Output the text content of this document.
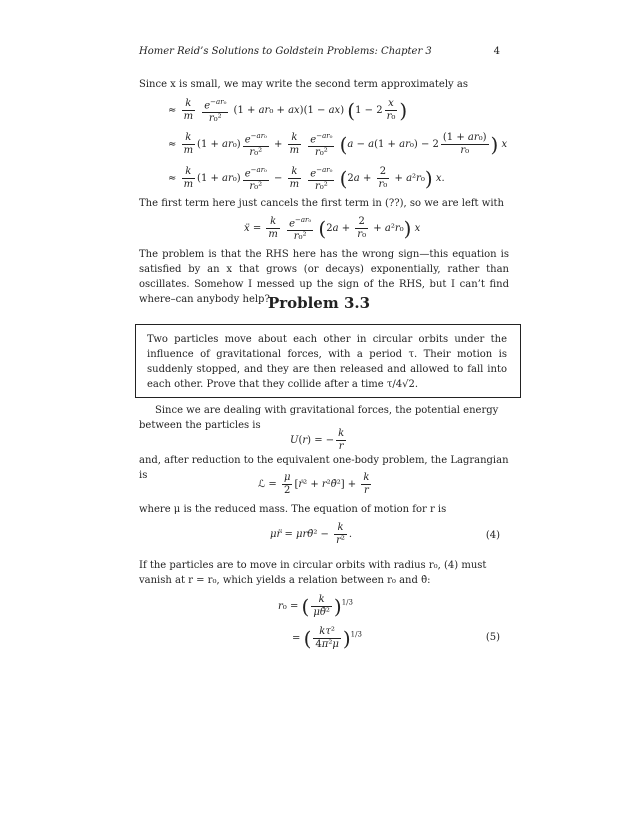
Homer Reid’s Solutions to Goldstein Problems: Chapter 3	4
Since x is small, we may write the second term approximately as
≈ $\frac{k}{m}$
$\frac{e^{-ar_0}}{\text{r₀²}} (1 + ar_0 + ax)(1 - ax) (1 - 2 \frac{x}{\text{r₀}}$ )
≈ $\frac{k}{m} (1 + ar_0) \frac{e^{-ar_0}}{\text{r₀²}} + \frac{k}{m}$
$\frac{e^{-ar_0}}{\text{r₀²}} (a - a(1 + ar_0) - 2 \frac{\text{(1 + ar₀)}}{\text{r₀}}$ ) x
≈ $\frac{k}{m} (1 + ar_0) \frac{e^{-ar_0}}{\text{r₀²}} - \frac{k}{m}$
$\frac{e^{-ar_0}}{\text{r₀²}} (2a + \frac{2}{\text{r₀}} + a^2r_0)$ x.
The first term here just cancels the first term in (??), so we are left with
ẍ = $\frac{k}{m}$
$\frac{e^{-ar_0}}{\text{r₀²}} (2a + \frac{2}{\text{r₀}} + a^2r_0)$ x
The problem is that the RHS here has the wrong sign—this equation is satisfied by an x that grows (or decays) exponentially, rather than oscillates. Somehow I messed up the sign of the RHS, but I can’t find where–can anybody help?
Problem 3.3
Two particles move about each other in circular orbits under the influence of gravitational forces, with a period τ. Their motion is suddenly stopped, and they are then released and allowed to fall into each other. Prove that they collide after a time τ/4√2.
Since we are dealing with gravitational forces, the potential energy between the particles is
U(r) = − $\frac{k}{r}$
and, after reduction to the equivalent one-body problem, the Lagrangian is
ℒ = $\frac{\mu}{2}$ [ṙ² + r²θ̇²] + $\frac{k}{r}$
where μ is the reduced mass. The equation of motion for r is
μr̈ = μrθ̇² − $\frac{k}{\text{r²}}$ .	(4)
If the particles are to move in circular orbits with radius r₀, (4) must vanish at r = r₀, which yields a relation between r₀ and θ̇:
r₀ = ( $\frac{k}{\text{μθ̇²}} )^{1/3}$
= ( $\frac{\text{kτ²}}{\text{4π²μ}} )^{1/3}$	(5)
